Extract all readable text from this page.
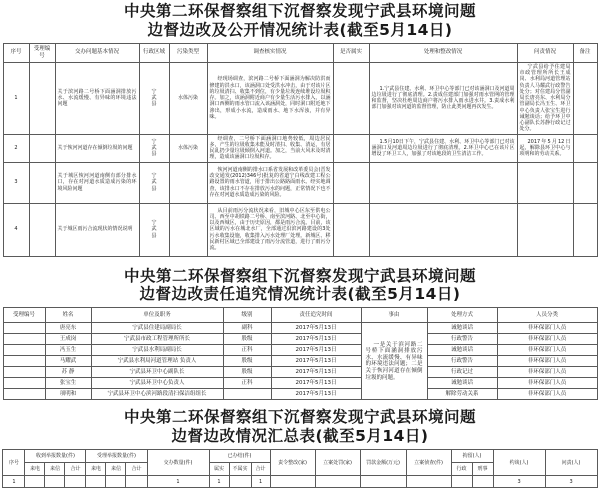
中央第二环保督察组下沉督察发现宁武县环境问题
边督边改及公开情况统计表(截至5月14日)
序号	受理编号	交办问题基本情况	行政区域	污染类型	调查核实情况	是否属实	处理和整改情况	问责情况	备注
1		关于滨河路二号桥下面涵洞排放污水、水流缓慢、有异味的环境违法问题	宁武县	水体污染	经现场调查，滨河路二号桥下面涵洞为解决防洪而修建的洪水口，该涵洞口处受洪水冲击，由于对该片区的垃圾清扫、收集不到位，有少量垃圾连续堆设垃圾积存。加之，该涵洞附近商户有少量生活污水排入，以涵洞口西侧的雨水管口流入该涵洞处，同时洞口附近地下渗出，形成小水流，造成雨水、地下水浑浊，并有异味。		1.宁武县住建、水利、环卫中心等部门已对该涵洞口及河道周边垃圾进行了彻底清理。2.责成住建部门加强对雨水管网的管理和监督，坚决杜绝周边商户将污水排入雨水进水井。3.责成水利部门加强对该河道的监督管理，防止此类问题再次发生。	宁武县给予住建局市政管理所所长王成岗、水利局河道管理站负责人马耀武行政警告处分；对住建局分管副局长唐亮东、水利局分管副局长冯玉生、环卫中心负责人张宝生进行诫勉谈话；给予环卫中心副队长苏静行政记过处分。	
2		关于恢河河道存在倾倒垃圾的问题	宁武县	水体污染	经调查，二号桥下面涵洞口地势较低，周边居民多，产生的垃圾收集未能及时清扫、收集、清运，有居民乱扔少量垃圾倾倒入河道。加之，当前大风未及时清理，造成该涵洞口垃圾积存。		1.5月10日下午，宁武县住建、水利、环卫中心等部门已对该涵洞口及河道周边垃圾进行了彻底清理。2.环卫中心已在该片区增设了环卫工人，加强了对该地段的卫生清洁工作。	2017年5月12日起，解除县环卫中心与项明和的劳动关系。	
3		关于城区恢河河道南侧有部分排水口，存在对河道水质造成污染的环境风险问题	宁武县		恢河河道南侧的排水口系省发展和改革委员会(晋发改交通发(2012)346号)批复的省道宁白线改建工程公路设置的雨水管道，用于排出公路路面雨水。经实地调查，该排水口不存在排放污水的问题，正常情况下也不存在对河道水质造成污染的风险。				
4		关于城区雨污合流现状的情况说明	宁武县		从目前雨污分流状况来看，旧城中心区东至供电公司、西至中胡铁路二号桥、南至滨河路、北至中心街，以及西城区，由于历史原因，都是雨污合流。目前，该区域的污水在城北水厂，全部通过沿滨河路建设的3处污水收集设施，收集排入污水处理厂处理。新城区、移民新村区域已全部建设了雨污分流管道，进行了雨污分流。				
中央第二环保督察组下沉督察发现宁武县环境问题
边督边改责任追究情况统计表(截至5月14日)
受理编号	姓名	单位及职务	级别	责任追究时间	事由	处理方式	人员分类
	唐亮东	宁武县住建局副局长	副科	2017年5月13日	一是关于滨河路二号桥下面涵洞排放污水、水流缓慢、有异味的环境违法问题；二是关于恢河河道存在倾倒垃圾的问题。	诫勉谈话	非环保部门人员
	王成岗	宁武县市政工程管理所所长	股级	2017年5月13日		行政警告	非环保部门人员
	冯玉生	宁武县水利局副局长	正科	2017年5月13日		诫勉谈话	非环保部门人员
	马耀武	宁武县水利局河道管理站 负责人	股级	2017年5月13日		行政警告	非环保部门人员
	苏 静	宁武县环卫中心副队长	股级	2017年5月13日		行政记过	非环保部门人员
	张宝生	宁武县环卫中心负责人	正科	2017年5月13日		诫勉谈话	非环保部门人员
	项明和	宁武县环卫中心滨河路段清扫保洁组组长		2017年5月13日		解除劳动关系	非环保部门人员
中央第二环保督察组下沉督察发现宁武县环境问题
边督边改情况汇总表(截至5月14日)
序号	收到举报数量(件)			受理举报数量(件)			交办数量(件)	已办结(件)			责令整改(家)	立案处罚(家)	罚款金额(万元)	立案侦查(件)	拘留(人)		约谈(人)	问责(人)
	来电	来信	合计	来电	来信	合计		属实	不属实	合计					行政	刑事		
1							1	1		1							3	3
